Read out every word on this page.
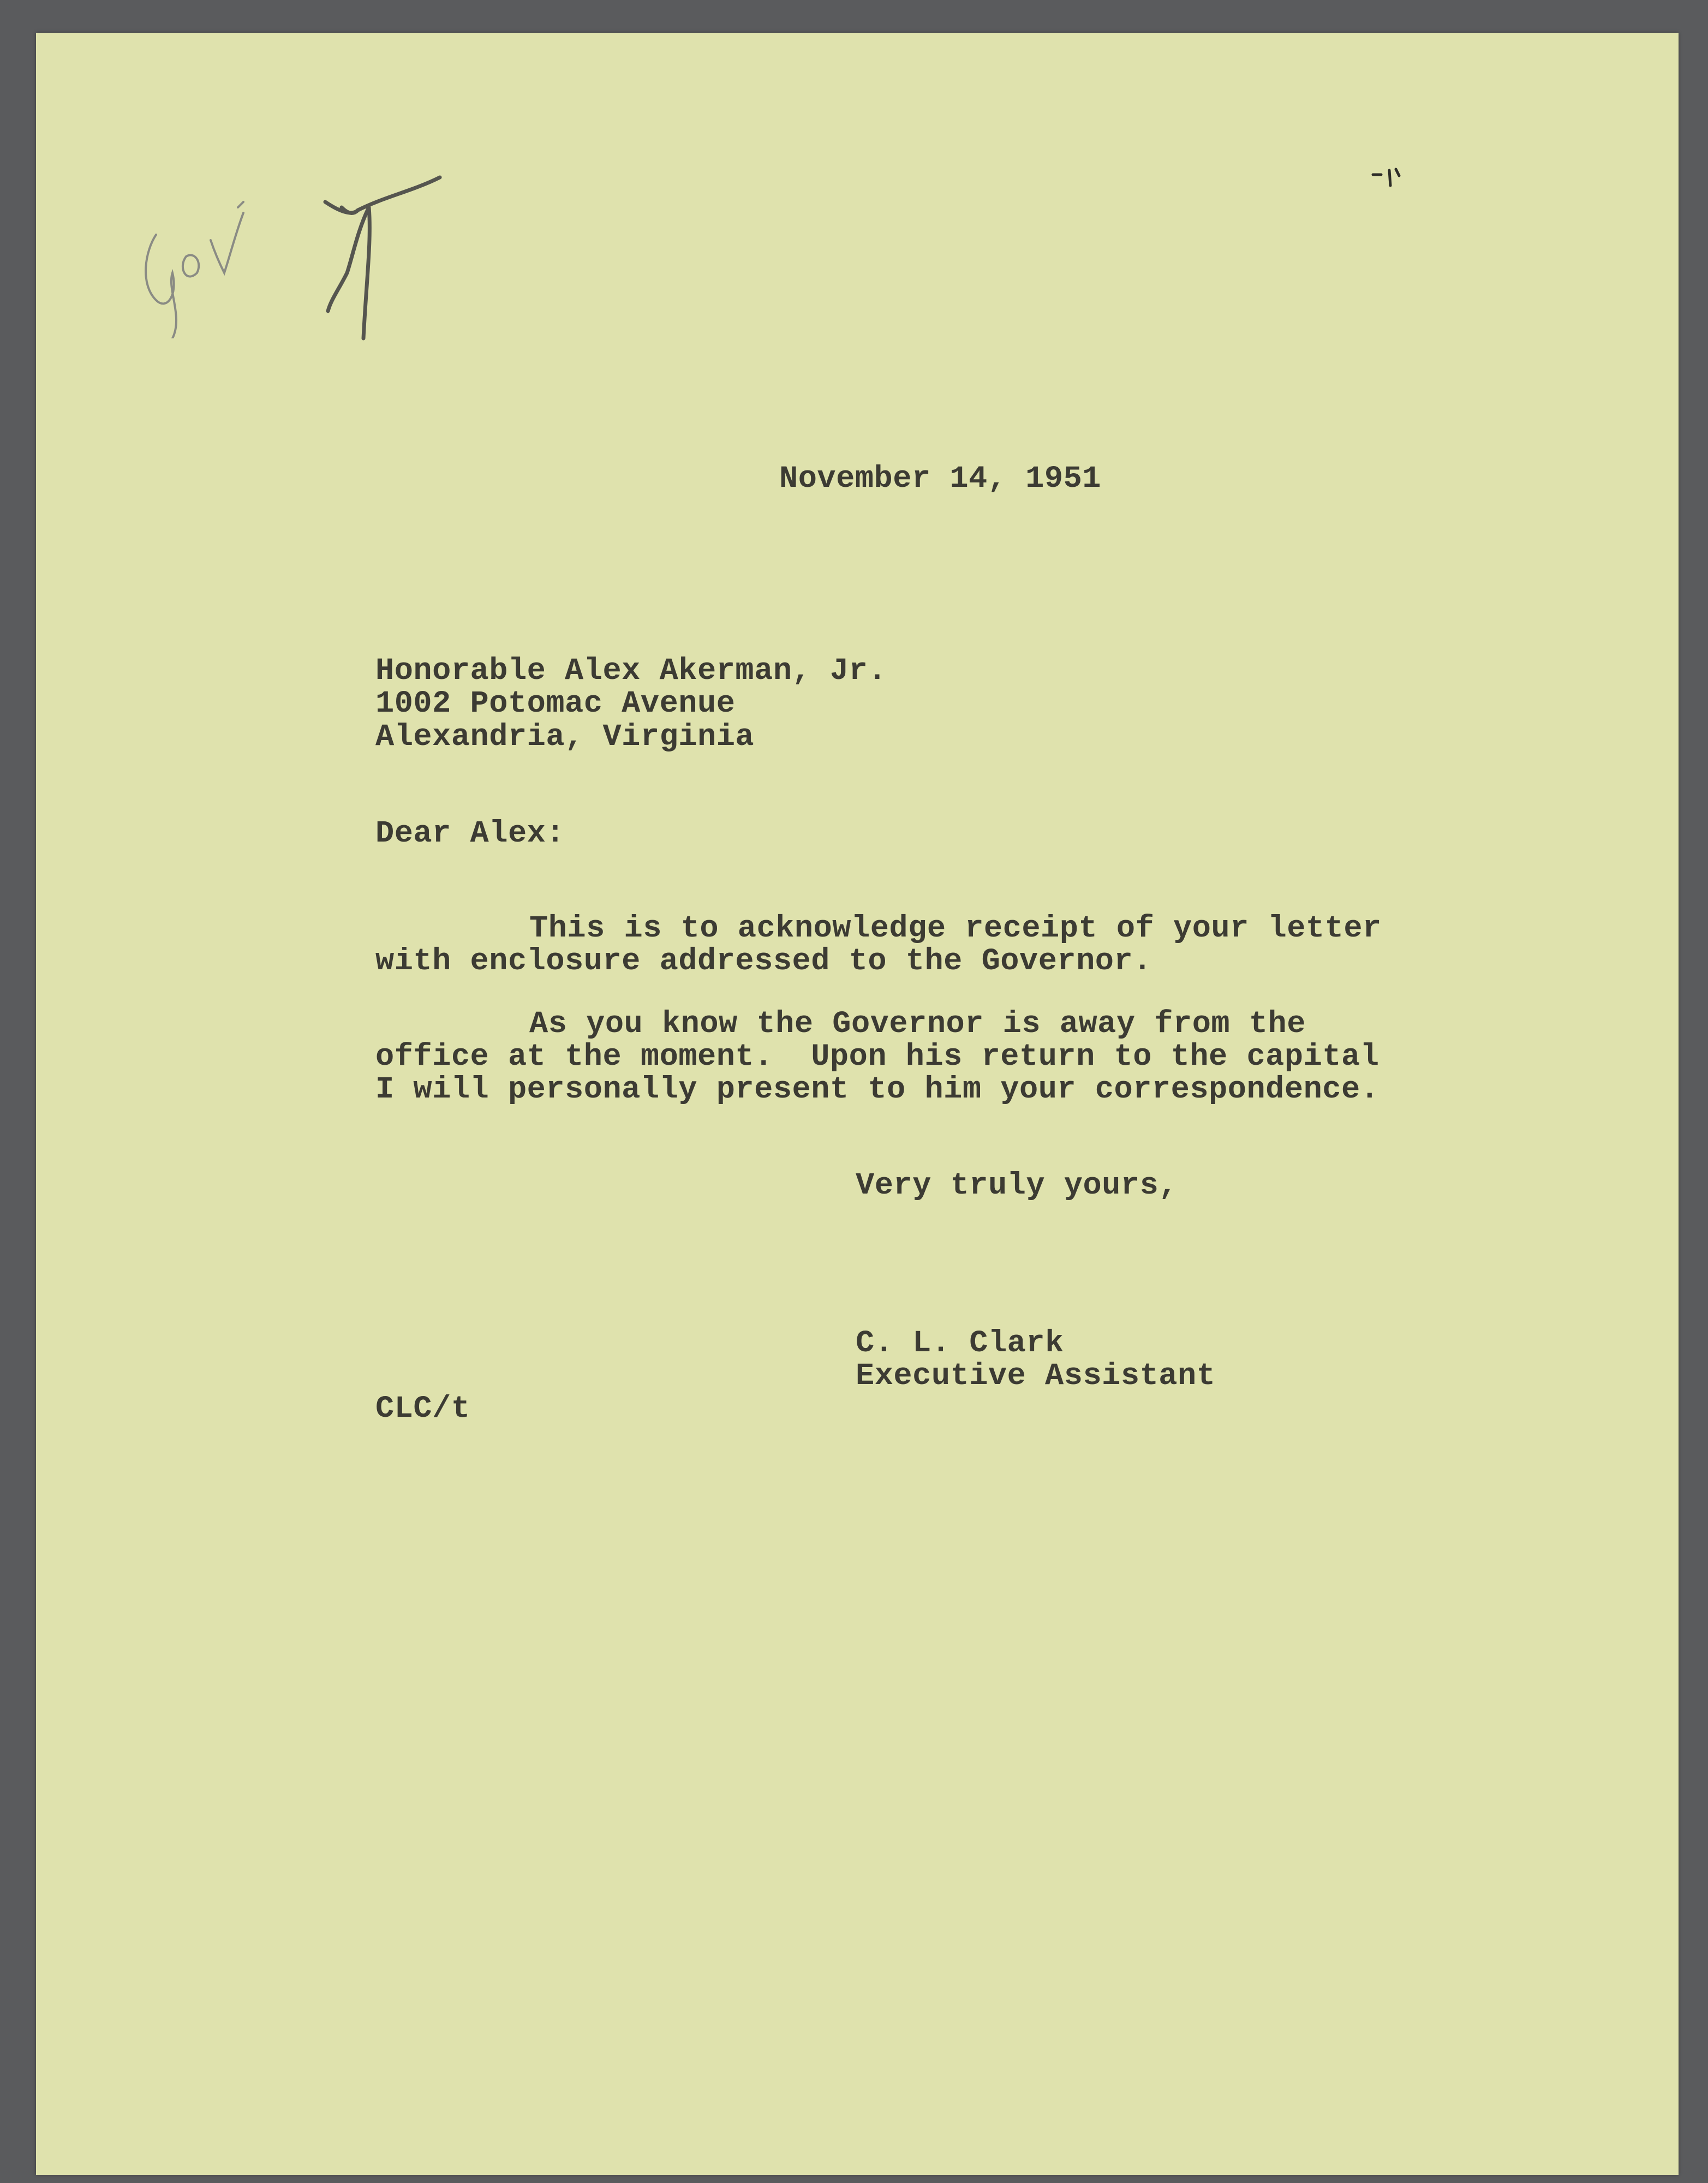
November 14, 1951
Honorable Alex Akerman, Jr.
1002 Potomac Avenue
Alexandria, Virginia
Dear Alex:
This is to acknowledge receipt of your letter
with enclosure addressed to the Governor.
As you know the Governor is away from the
office at the moment.  Upon his return to the capital
I will personally present to him your correspondence.
Very truly yours,
C. L. Clark
Executive Assistant
CLC/t
